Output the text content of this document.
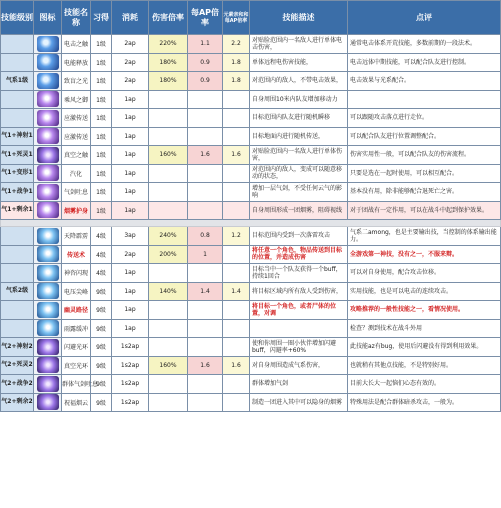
技能级别	图标	技能名称	习得	消耗	伤害倍率	每AP倍率	元素亲和和每AP倍率	技能描述	点评

	电击之触	1级	2ap	220%	1.1	2.2	对贴脸范围内一名敌人进行单体电击伤害，	通常电击体系开荒技能，多数前期的一段法术。

	电能释放	1级	2ap	180%	0.9	1.8	单体远程电伤害技能，	电击远体中期技能，可以配合队友进行控制。
气系1级		致盲之光	1级	2ap	180%	0.9	1.8	对范围内的敌人，不带电击效果，	电击效果与光系配合。

	乘风之御	1级	1ap				自身周围10米内队友增加移动力	

	应激传送	1级	1ap				目标范围内队友进行随机瞬移	可以跟随攻击落点进行走位。
气1+神射1		应激传送	1级	1ap				目标地面内进行随机传送，	可以配合队友进行位置调整配合。
气1+死灵1		真空之触	1级	1ap	160%	1.6	1.6	对贴脸范围内一名敌人进行单体伤害，	伤害实用性一般，可以配合队友的伤害流程。
气1+变形1		汽化	1级	1ap				对范围内的敌人，变成可以随意移动的状态，	只要是选在一起时使用，可以相互配合。
气1+战争1		气剑吐息	1级	1ap				增加一层气剑，不受任何云气的影响	基本没有用，除非能够配合退死亡之害。
气1+剩余1		烟雾护身	1级	1ap				自身周围形成一团烟雾，阻碍视线	对于团战有一定作用，可以在战斗中起到保护效果。

	天降霹雳	4级	3ap	240%	0.8	1.2	目标范围内受到一次落雷攻击	气系二among，也是主要输出技，当控制的体系输出能力。

	传送术	4级	2ap	200%	1		将任意一个角色，物品传送到目标的位置，并造成伤害	全游戏第一神技，没有之一，不服来辩。

	神咨闪现	4级	1ap				目标当中一个队友获得一个buff，持续1回合	可以对自身使用，配合攻击位移。
气系2级		电压尖峰	9级	1ap	140%	1.4	1.4	将目标区域内所有敌人受到伤害，	实用技能，也是可以电击的连续攻击。

	幽灵路径	9级	1ap				将目标一个角色，或者尸体的位置，对调	攻略推荐的一般性技能之一，看情况使用。

	雨露缓冲	9级	1ap					检查？测到技术在战斗外用
气2+神射2		闪避光环	9级	1s2ap				使和你周围一圈小伙伴增加闪避buff，闪避率+60%	此技能az有bug，使用后闪避没有得到利用效果。
气2+死灵2		真空光环	9级	1s2ap	160%	1.6	1.6	对自身周围造成气系伤害，	也就稍有其他点技能，不是特别好用。
气2+战争2		群体气剑吐息	9级	1s2ap				群体增加气剑	目前大长大一起恼们心态有效的。
气2+剩余2		祝福烟云	9级	1s2ap				制造一团进入其中可以隐身的烟雾	特殊用法是配合群体暗杀攻击，一般为。
